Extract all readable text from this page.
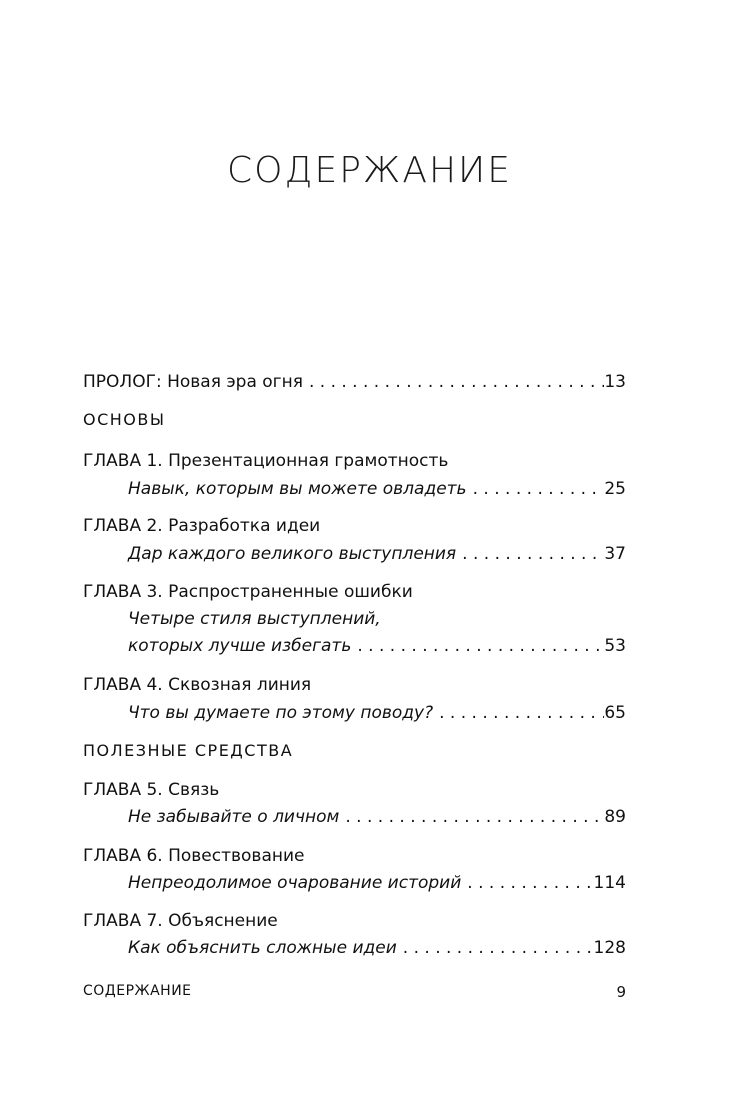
СОДЕРЖАНИЕ
ПРОЛОГ: Новая эра огня . . .	13
ОСНОВЫ
ГЛАВА 1. Презентационная грамотность
Навык, которым вы можете овладеть . . .	25
ГЛАВА 2. Разработка идеи
Дар каждого великого выступления . . .	37
ГЛАВА 3. Распространенные ошибки
Четыре стиля выступлений,
которых лучше избегать . . .	53
ГЛАВА 4. Сквозная линия
Что вы думаете по этому поводу? . . .	65
ПОЛЕЗНЫЕ СРЕДСТВА
ГЛАВА 5. Связь
Не забывайте о личном . . .	89
ГЛАВА 6. Повествование
Непреодолимое очарование историй . . .	114
ГЛАВА 7. Объяснение
Как объяснить сложные идеи . . .	128
СОДЕРЖАНИЕ	9
